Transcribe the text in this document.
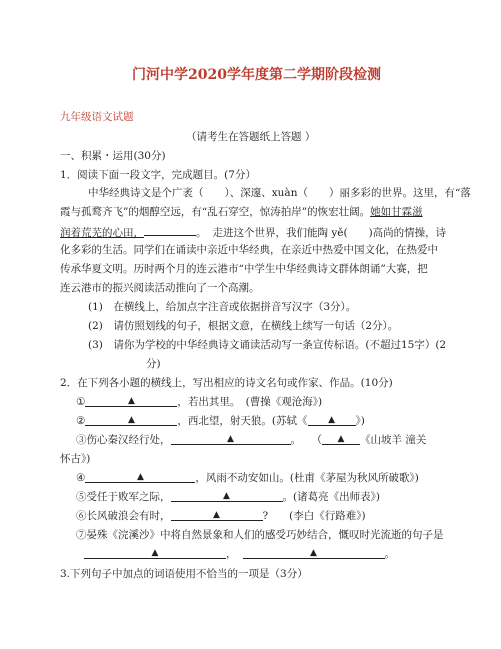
门河中学2020学年度第二学期阶段检测
九年级语文试题
（请考生在答题纸上答题 ）
一、积累・运用(30分)
1．阅读下面一段文字，完成题目。(7分）
中华经典诗文是个广袤（　　）、深邃、xuàn（　　）丽多彩的世界。这里，有“落
霞与孤鹜齐飞”的烟醇空远，有“乱石穿空，惊涛拍岸”的恢宏壮阔。她如甘霖滋
润着荒芜的心田，	。 走进这个世界，我们能陶 yě(　　)高尚的情操，诗
化多彩的生活。同学们在诵读中亲近中华经典，在亲近中热爱中国文化，在热爱中
传承华夏文明。历时两个月的连云港市“中学生中华经典诗文群体朗诵”大赛，把
连云港市的振兴阅读活动推向了一个高潮。
(1)　在横线上，给加点字注音或依据拼音写汉字（3分）。
(2)　请仿照划线的句子，根据文意，在横线上续写一句话（2分）。
(3)　请你为学校的中华经典诗文诵读活动写一条宣传标语。(不超过15字）(2
分)
2．在下列各小题的横线上，写出相应的诗文名句或作家、作品。(10分)
①	▲	，若出其里。　(曹操《观沧海》)
②	▲	，西北望，射天狼。(苏轼《 ▲ 》)
③伤心秦汉经行处，	▲	。　　（ ▲ 《山坡羊 潼关
怀古》)
④	▲	，风雨不动安如山。(杜甫《茅屋为秋风所破歌》)
⑤受任于败军之际，	▲	。(诸葛亮《出师表》)
⑥长风破浪会有时，	▲	?　　(李白《行路难》)
⑦晏殊《浣溪沙》中将自然景象和人们的感受巧妙结合，慨叹时光流逝的句子是
▲	，	▲	。
3.下列句子中加点的词语使用不恰当的一项是（3分）
